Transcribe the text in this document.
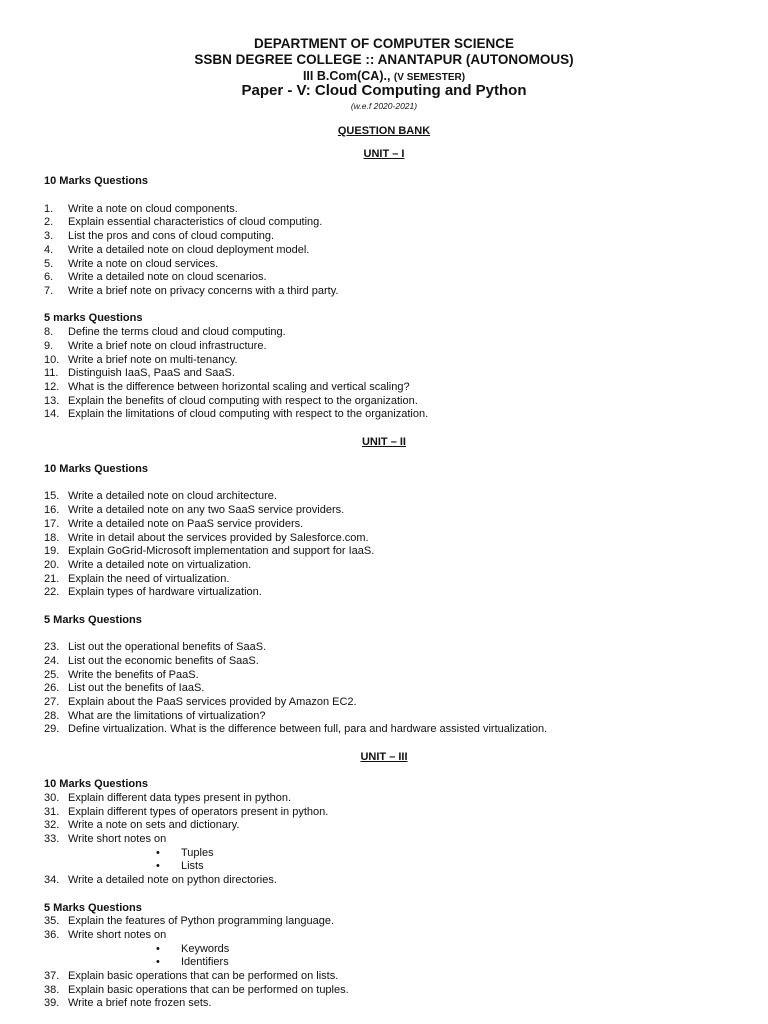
DEPARTMENT OF COMPUTER SCIENCE
SSBN DEGREE COLLEGE :: ANANTAPUR (AUTONOMOUS)
III B.Com(CA)., (V SEMESTER)
Paper - V: Cloud Computing and Python
(w.e.f 2020-2021)
QUESTION BANK
UNIT – I
10 Marks Questions
1. Write a note on cloud components.
2. Explain essential characteristics of cloud computing.
3. List the pros and cons of cloud computing.
4. Write a detailed note on cloud deployment model.
5. Write a note on cloud services.
6. Write a detailed note on cloud scenarios.
7. Write a brief note on privacy concerns with a third party.
5 marks Questions
8. Define the terms cloud and cloud computing.
9. Write a brief note on cloud infrastructure.
10. Write a brief note on multi-tenancy.
11. Distinguish IaaS, PaaS and SaaS.
12. What is the difference between horizontal scaling and vertical scaling?
13. Explain the benefits of cloud computing with respect to the organization.
14. Explain the limitations of cloud computing with respect to the organization.
UNIT – II
10 Marks Questions
15. Write a detailed note on cloud architecture.
16. Write a detailed note on any two SaaS service providers.
17. Write a detailed note on PaaS service providers.
18. Write in detail about the services provided by Salesforce.com.
19. Explain GoGrid-Microsoft implementation and support for IaaS.
20. Write a detailed note on virtualization.
21. Explain the need of virtualization.
22. Explain types of hardware virtualization.
5 Marks Questions
23. List out the operational benefits of SaaS.
24. List out the economic benefits of SaaS.
25. Write the benefits of PaaS.
26. List out the benefits of IaaS.
27. Explain about the PaaS services provided by Amazon EC2.
28. What are the limitations of virtualization?
29. Define virtualization. What is the difference between full, para and hardware assisted virtualization.
UNIT – III
10 Marks Questions
30. Explain different data types present in python.
31. Explain different types of operators present in python.
32. Write a note on sets and dictionary.
33. Write short notes on
• Tuples
• Lists
34. Write a detailed note on python directories.
5 Marks Questions
35. Explain the features of Python programming language.
36. Write short notes on
• Keywords
• Identifiers
37. Explain basic operations that can be performed on lists.
38. Explain basic operations that can be performed on tuples.
39. Write a brief note frozen sets.
